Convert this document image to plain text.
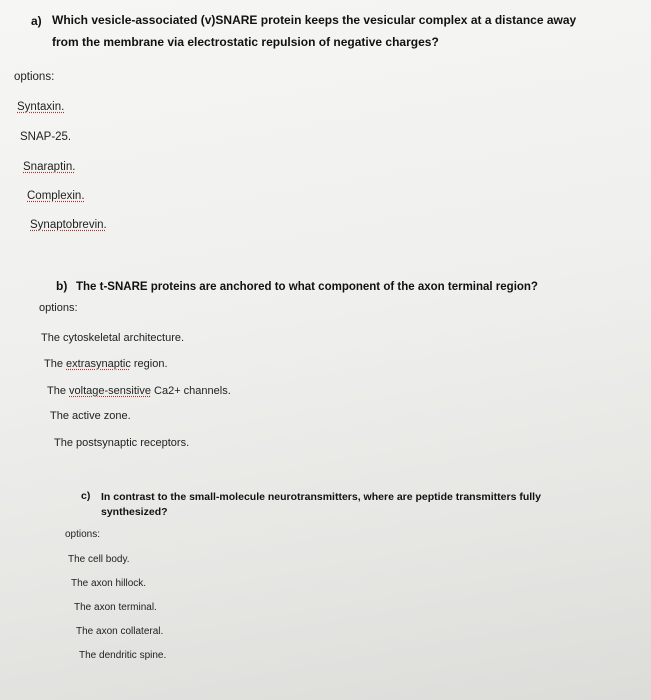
a) Which vesicle-associated (v)SNARE protein keeps the vesicular complex at a distance away
from the membrane via electrostatic repulsion of negative charges?
options:
Syntaxin.
SNAP-25.
Snaraptin.
Complexin.
Synaptobrevin.
b) The t-SNARE proteins are anchored to what component of the axon terminal region?
options:
The cytoskeletal architecture.
The extrasynaptic region.
The voltage-sensitive Ca2+ channels.
The active zone.
The postsynaptic receptors.
c) In contrast to the small-molecule neurotransmitters, where are peptide transmitters fully
synthesized?
options:
The cell body.
The axon hillock.
The axon terminal.
The axon collateral.
The dendritic spine.
